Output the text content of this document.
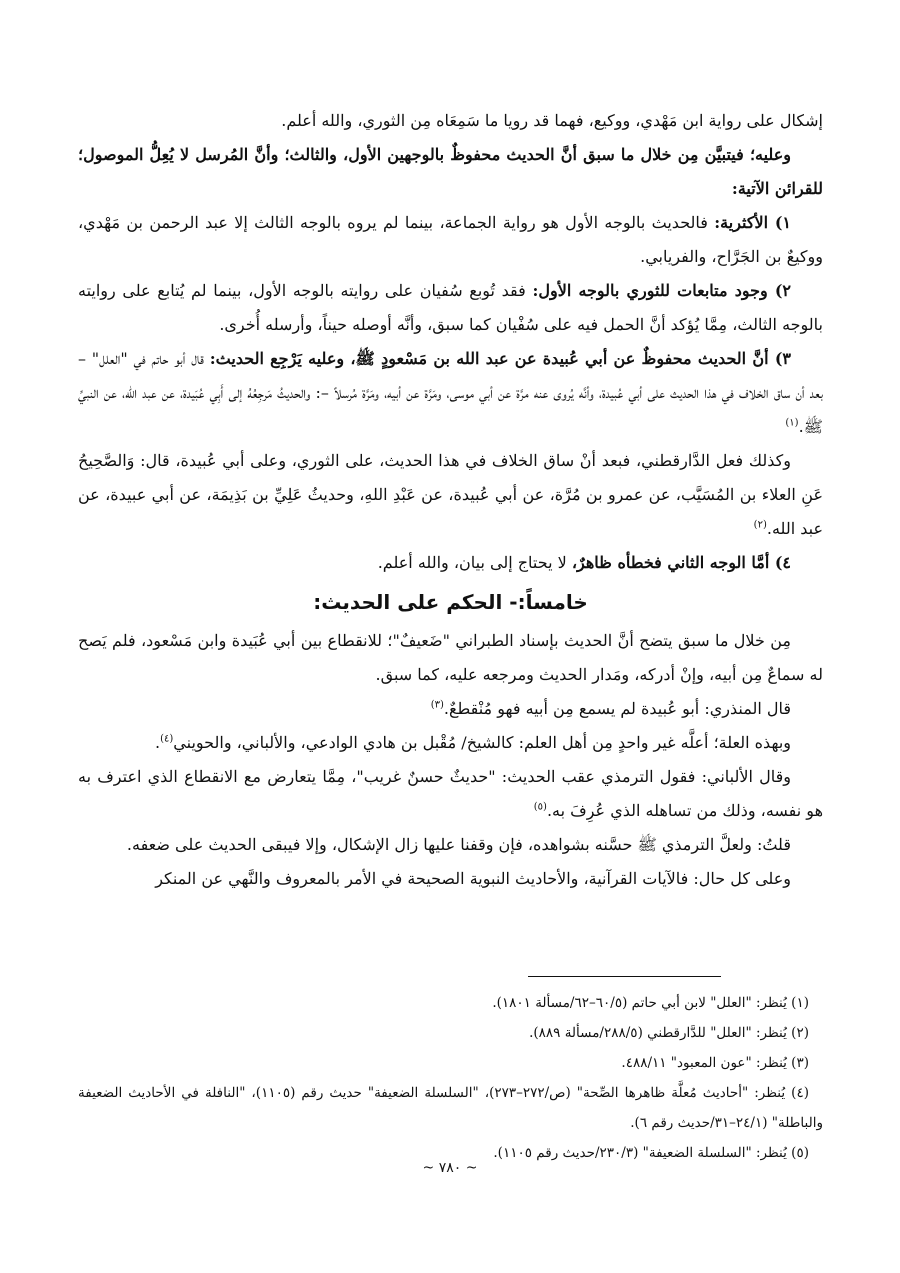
إشكال على رواية ابن مَهْدي، ووكيع، فهما قد رويا ما سَمِعَاه مِن الثوري، والله أعلم.

وعليه؛ فيتبيَّن مِن خلال ما سبق أنَّ الحديث محفوظٌ بالوجهين الأول، والثالث؛ وأنَّ المُرسل لا يُعِلُّ الموصول؛ للقرائن الآتية:

١) الأكثرية: فالحديث بالوجه الأول هو رواية الجماعة، بينما لم يروه بالوجه الثالث إلا عبد الرحمن بن مَهْدي، ووكيعٌ بن الجَرَّاح، والفريابي.

٢) وجود متابعات للثوري بالوجه الأول: فقد تُوبع سُفيان على روايته بالوجه الأول، بينما لم يُتابع على روايته بالوجه الثالث، مِمَّا يُؤكد أنَّ الحمل فيه على سُفْيان كما سبق، وأنَّه أوصله حيناً، وأرسله أُخرى.

٣) أنَّ الحديث محفوظٌ عن أبي عُبيدة عن عبد الله بن مَسْعودٍ ﷺ، وعليه يَرْجِع الحديث: قال أبو حاتم في "العلل" – بعد أن ساق الخلاف في هذا الحديث على أبي عُبيدة، وأنَّه يُروى عنه مرَّة عن أبي موسى، ومَرَّة عن أبيه، ومَرَّة مُرسلاً –: والحديثُ مَرجِعُهُ إلى أَبِي عُبَيدة، عن عبد الله، عن النبيِّ ﷺ.$^{(١)}$

وكذلك فعل الدَّارقطني، فبعد أنْ ساق الخلاف في هذا الحديث، على الثوري، وعلى أبي عُبيدة، قال: وَالصَّحِيحُ عَنِ العلاء بن المُسَيَّب، عن عمرو بن مُرَّة، عن أبي عُبيدة، عن عَبْدِ اللهِ، وحديثُ عَلِيِّ بن بَذِيمَة، عن أبي عبيدة، عن عبد الله.$^{(٢)}$

٤) أمَّا الوجه الثاني فخطأه ظاهرٌ، لا يحتاج إلى بيان، والله أعلم.

خامساً:- الحكم على الحديث:

مِن خلال ما سبق يتضح أنَّ الحديث بإسناد الطبراني "ضَعيفٌ"؛ للانقطاع بين أبي عُبَيدة وابن مَسْعود، فلم يَصح له سماعٌ مِن أبيه، وإنْ أدركه، ومَدار الحديث ومرجعه عليه، كما سبق.

قال المنذري: أبو عُبيدة لم يسمع مِن أبيه فهو مُنْقطعٌ.$^{(٣)}$

وبهذه العلة؛ أعلَّه غير واحدٍ مِن أهل العلم: كالشيخ/ مُقْبل بن هادي الوادعي، والألباني، والحويني$^{(٤)}$.

وقال الألباني: فقول الترمذي عقب الحديث: "حديثٌ حسنٌ غريب"، مِمَّا يتعارض مع الانقطاع الذي اعترف به هو نفسه، وذلك من تساهله الذي عُرِفَ به.$^{(٥)}$

قلتُ: ولعلَّ الترمذي ﷺ حسَّنه بشواهده، فإن وقفنا عليها زال الإشكال، وإلا فيبقى الحديث على ضعفه.

وعلى كل حال: فالآيات القرآنية، والأحاديث النبوية الصحيحة في الأمر بالمعروف والنَّهي عن المنكر

(١) يُنظر: "العلل" لابن أبي حاتم (٦٠/٥–٦٢/مسألة ١٨٠١).

(٢) يُنظر: "العلل" للدَّارقطني (٢٨٨/٥/مسألة ٨٨٩).

(٣) يُنظر: "عون المعبود" ٤٨٨/١١.

(٤) يُنظر: "أحاديث مُعلَّة ظاهرها الصِّحة" (ص/٢٧٢–٢٧٣)، "السلسلة الضعيفة" حديث رقم (١١٠٥)، "النافلة في الأحاديث الضعيفة والباطلة" (٢٤/١–٣١/حديث رقم ٦).

(٥) يُنظر: "السلسلة الضعيفة" (٢٣٠/٣/حديث رقم ١١٠٥).

~ ٧٨٠ ~
